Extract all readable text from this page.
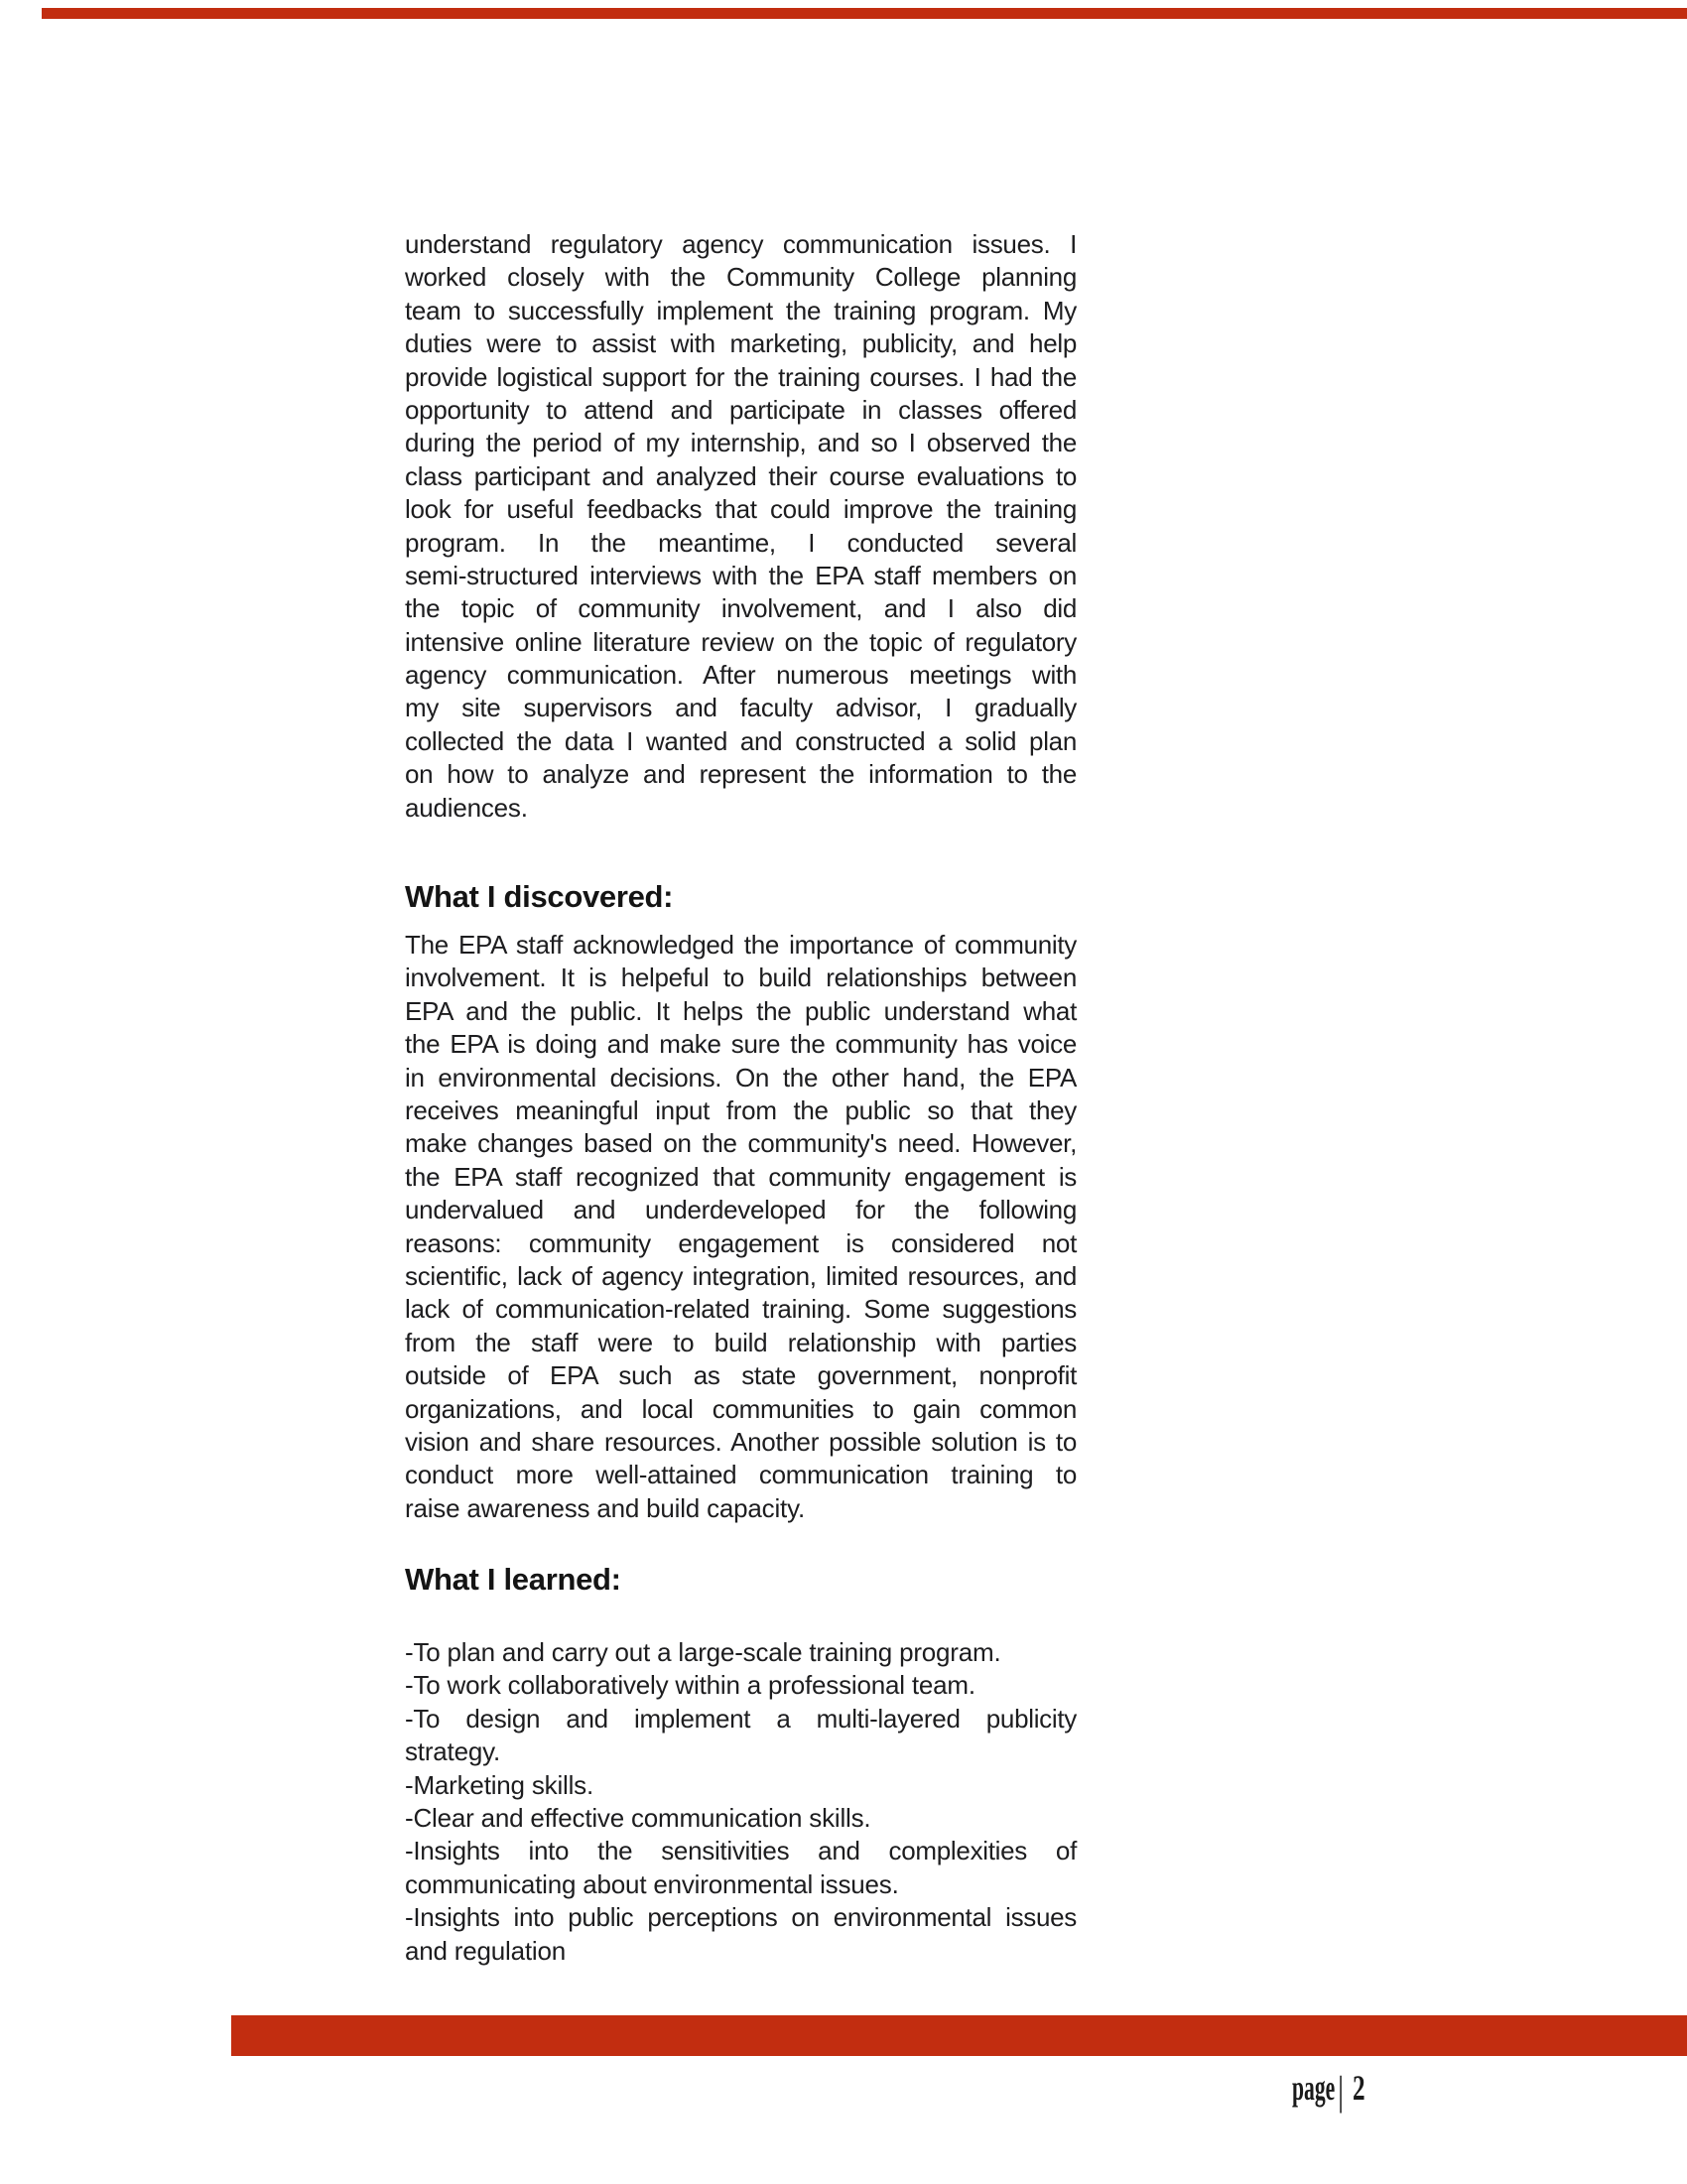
understand regulatory agency communication issues. I
worked closely with the Community College planning
team to successfully implement the training program. My
duties were to assist with marketing, publicity, and help
provide logistical support for the training courses. I had the
opportunity to attend and participate in classes offered
during the period of my internship, and so I observed the
class participant and analyzed their course evaluations to
look for useful feedbacks that could improve the training
program. In the meantime, I conducted several
semi-structured interviews with the EPA staff members on
the topic of community involvement, and I also did
intensive online literature review on the topic of regulatory
agency communication. After numerous meetings with
my site supervisors and faculty advisor, I gradually
collected the data I wanted and constructed a solid plan
on how to analyze and represent the information to the
audiences.
What I discovered:
The EPA staff acknowledged the importance of community
involvement. It is helpeful to build relationships between
EPA and the public. It helps the public understand what
the EPA is doing and make sure the community has voice
in environmental decisions. On the other hand, the EPA
receives meaningful input from the public so that they
make changes based on the community's need. However,
the EPA staff recognized that community engagement is
undervalued and underdeveloped for the following
reasons: community engagement is considered not
scientific, lack of agency integration, limited resources, and
lack of communication-related training. Some suggestions
from the staff were to build relationship with parties
outside of EPA such as state government, nonprofit
organizations, and local communities to gain common
vision and share resources. Another possible solution is to
conduct more well-attained communication training to
raise awareness and build capacity.
What I learned:
-To plan and carry out a large-scale training program.
-To work collaboratively within a professional team.
-To design and implement a multi-layered publicity
strategy.
-Marketing skills.
-Clear and effective communication skills.
-Insights into the sensitivities and complexities of
communicating about environmental issues.
-Insights into public perceptions on environmental issues
and regulation
page | 2
